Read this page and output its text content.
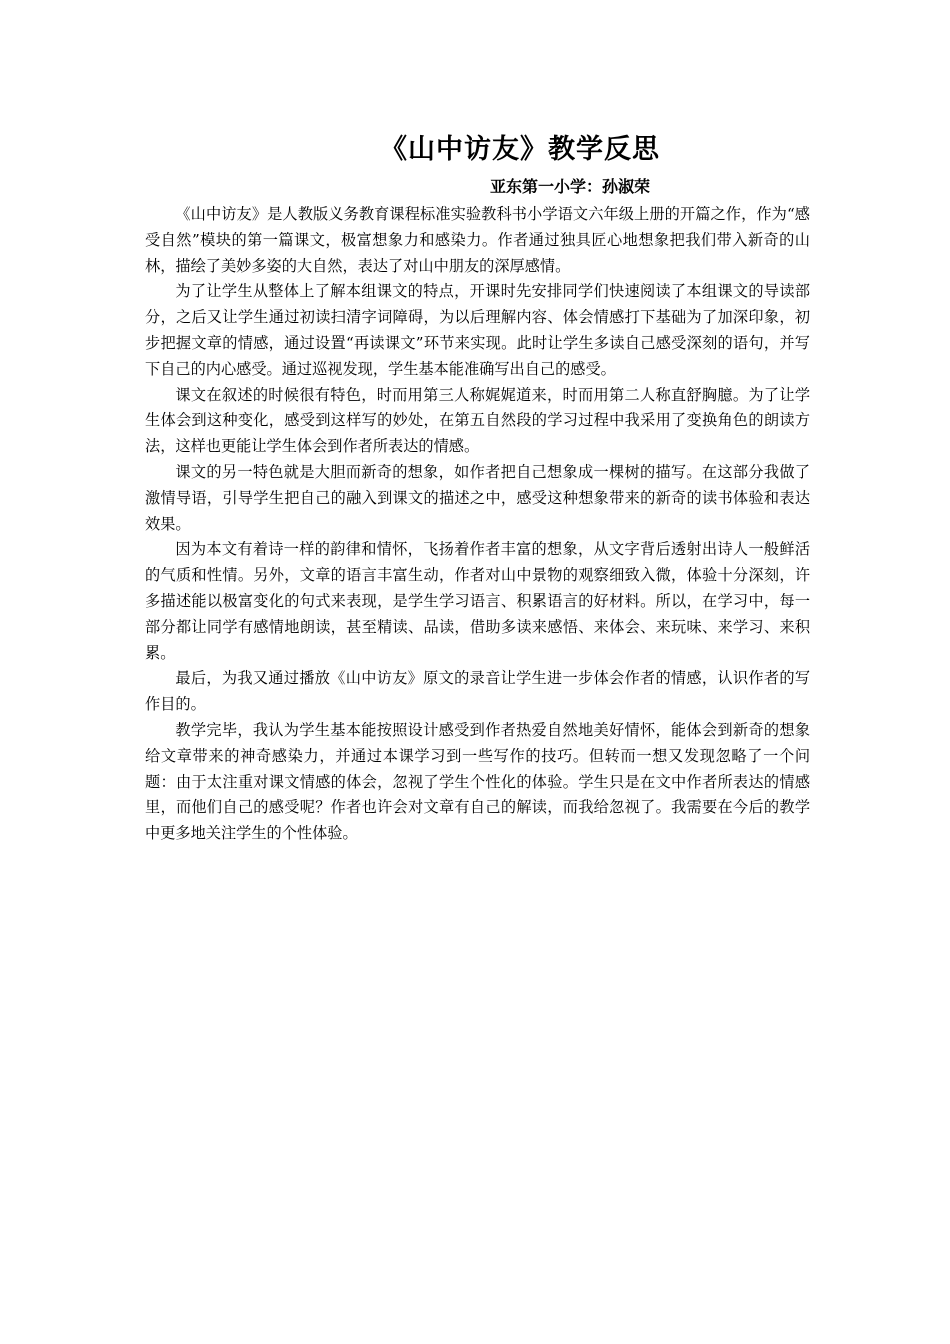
《山中访友》教学反思
亚东第一小学：孙淑荣

《山中访友》是人教版义务教育课程标准实验教科书小学语文六年级上册的开篇之作，作为“感受自然”模块的第一篇课文，极富想象力和感染力。作者通过独具匠心地想象把我们带入新奇的山林，描绘了美妙多姿的大自然，表达了对山中朋友的深厚感情。

为了让学生从整体上了解本组课文的特点，开课时先安排同学们快速阅读了本组课文的导读部分，之后又让学生通过初读扫清字词障碍，为以后理解内容、体会情感打下基础为了加深印象，初步把握文章的情感，通过设置“再读课文”环节来实现。此时让学生多读自己感受深刻的语句，并写下自己的内心感受。通过巡视发现，学生基本能准确写出自己的感受。

课文在叙述的时候很有特色，时而用第三人称娓娓道来，时而用第二人称直舒胸臆。为了让学生体会到这种变化，感受到这样写的妙处，在第五自然段的学习过程中我采用了变换角色的朗读方法，这样也更能让学生体会到作者所表达的情感。

课文的另一特色就是大胆而新奇的想象，如作者把自己想象成一棵树的描写。在这部分我做了激情导语，引导学生把自己的融入到课文的描述之中，感受这种想象带来的新奇的读书体验和表达效果。

因为本文有着诗一样的韵律和情怀，飞扬着作者丰富的想象，从文字背后透射出诗人一般鲜活的气质和性情。另外，文章的语言丰富生动，作者对山中景物的观察细致入微，体验十分深刻，许多描述能以极富变化的句式来表现，是学生学习语言、积累语言的好材料。所以，在学习中，每一部分都让同学有感情地朗读，甚至精读、品读，借助多读来感悟、来体会、来玩味、来学习、来积累。

最后，为我又通过播放《山中访友》原文的录音让学生进一步体会作者的情感，认识作者的写作目的。

教学完毕，我认为学生基本能按照设计感受到作者热爱自然地美好情怀，能体会到新奇的想象给文章带来的神奇感染力，并通过本课学习到一些写作的技巧。但转而一想又发现忽略了一个问题：由于太注重对课文情感的体会，忽视了学生个性化的体验。学生只是在文中作者所表达的情感里，而他们自己的感受呢？作者也许会对文章有自己的解读，而我给忽视了。我需要在今后的教学中更多地关注学生的个性体验。
